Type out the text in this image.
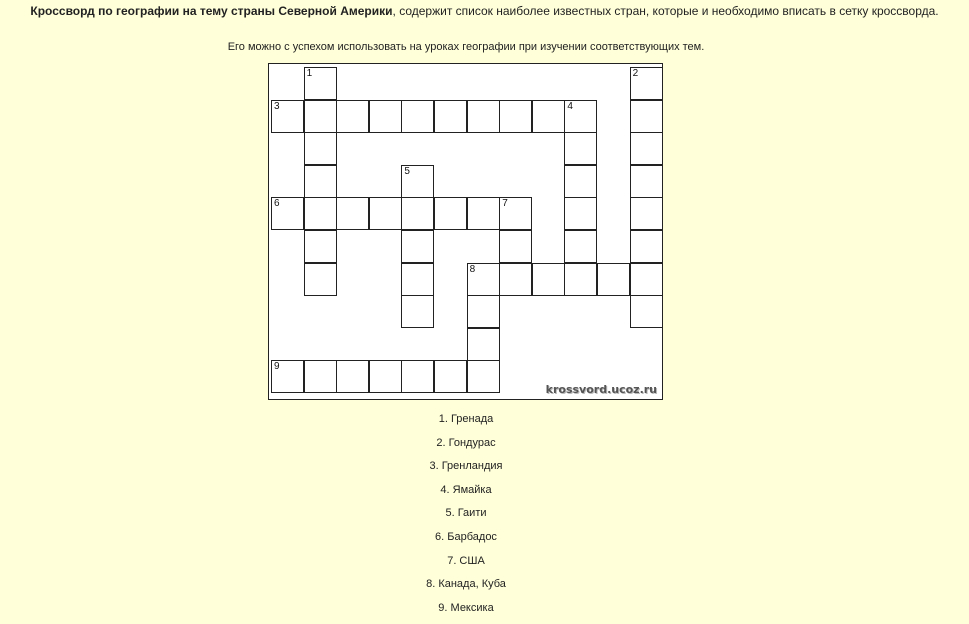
Кроссворд по географии на тему страны Северной Америки, содержит список наиболее известных стран, которые и необходимо вписать в сетку кроссворда.
Его можно с успехом использовать на уроках географии при изучении соответствующих тем.
1	2
3	4
5
6	7
8
9
krossvord.ucoz.ru
1. Гренада
2. Гондурас
3. Гренландия
4. Ямайка
5. Гаити
6. Барбадос
7. США
8. Канада, Куба
9. Мексика
